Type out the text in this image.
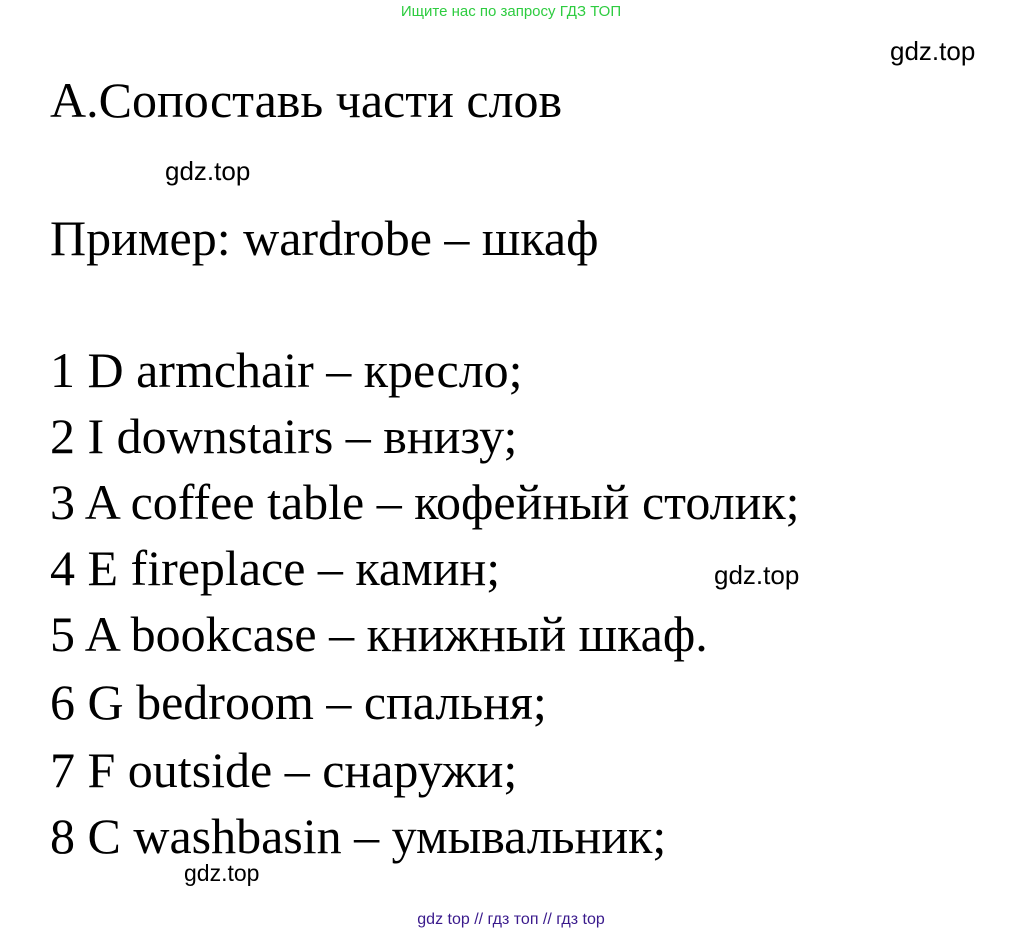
Ищите нас по запросу ГДЗ ТОП
gdz.top
А.Сопоставь части слов
gdz.top
Пример: wardrobe – шкаф
1 D armchair – кресло;
2 I downstairs – внизу;
3 A coffee table – кофейный столик;
4 E fireplace – камин;	gdz.top
5 A bookcase – книжный шкаф.
6 G bedroom – спальня;
7 F outside – снаружи;
8 C washbasin – умывальник;
gdz.top
gdz top // гдз топ // гдз top
